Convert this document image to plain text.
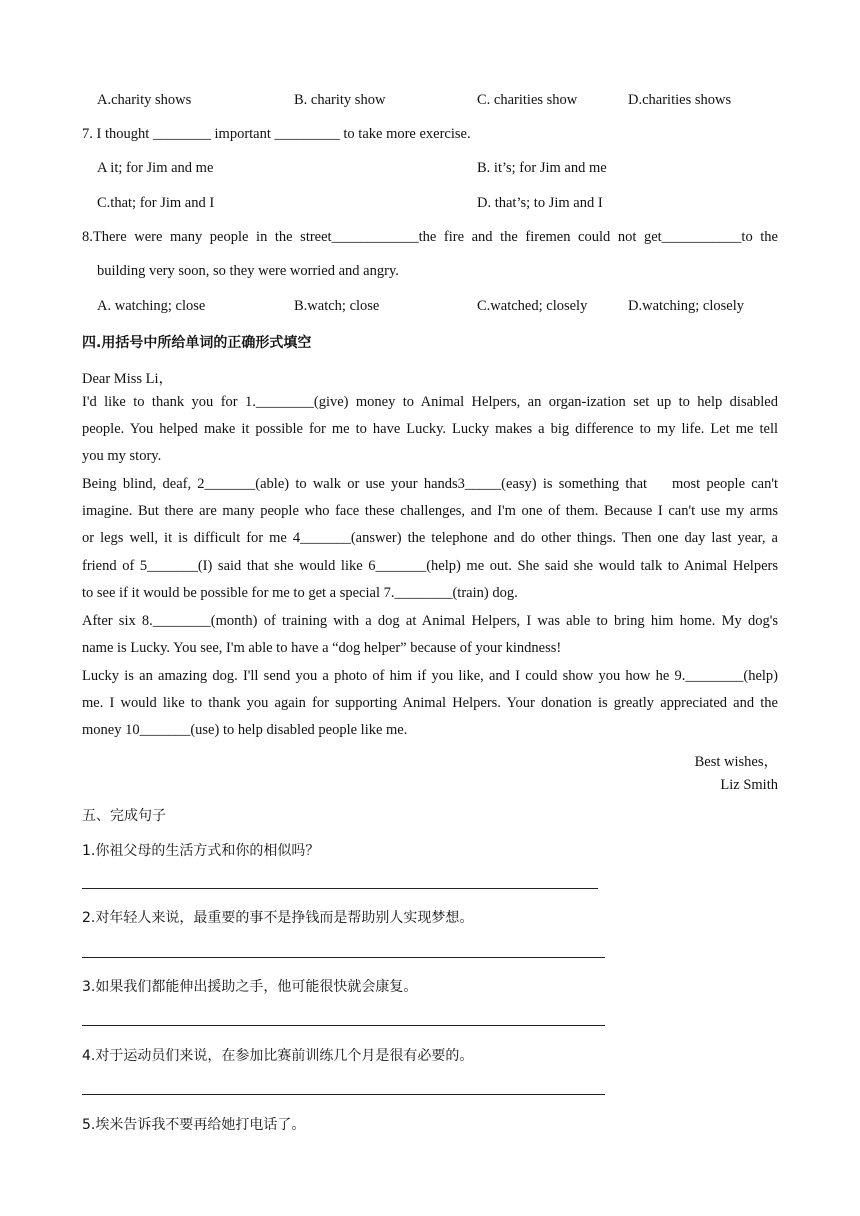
A.charity shows	B. charity show	C. charities show	D.charities shows
7. I thought ________ important _________ to take more exercise.
A it; for Jim and me	B. it’s; for Jim and me
C.that; for Jim and I	D. that’s; to Jim and I
8.There were many people in the street____________the fire and the firemen could not get___________to the
building very soon, so they were worried and angry.
A. watching; close	B.watch; close	C.watched; closely	D.watching; closely
四.用括号中所给单词的正确形式填空
Dear Miss Li，
I'd like to thank you for 1.________(give) money to Animal Helpers, an organ-ization set up to help disabled
people. You helped make it possible for me to have Lucky. Lucky makes a big difference to my life. Let me tell
you my story.
Being blind, deaf, 2_______(able) to walk or use your hands3_____(easy) is something that    most people can't
imagine. But there are many people who face these challenges, and I'm one of them. Because I can't use my arms
or legs well, it is difficult for me 4_______(answer) the telephone and do other things. Then one day last year, a
friend of 5_______(I) said that she would like 6_______(help) me out. She said she would talk to Animal Helpers
to see if it would be possible for me to get a special 7.________(train) dog.
After six 8.________(month) of training with a dog at Animal Helpers, I was able to bring him home. My dog's
name is Lucky. You see, I'm able to have a “dog helper” because of your kindness!
Lucky is an amazing dog. I'll send you a photo of him if you like, and I could show you how he 9.________(help)
me. I would like to thank you again for supporting Animal Helpers. Your donation is greatly appreciated and the
money 10_______(use) to help disabled people like me.
Best wishes，
Liz Smith
五、完成句子
1.你祖父母的生活方式和你的相似吗？
2.对年轻人来说，最重要的事不是挣钱而是帮助别人实现梦想。
3.如果我们都能伸出援助之手，他可能很快就会康复。
4.对于运动员们来说，在参加比赛前训练几个月是很有必要的。
5.埃米告诉我不要再给她打电话了。
